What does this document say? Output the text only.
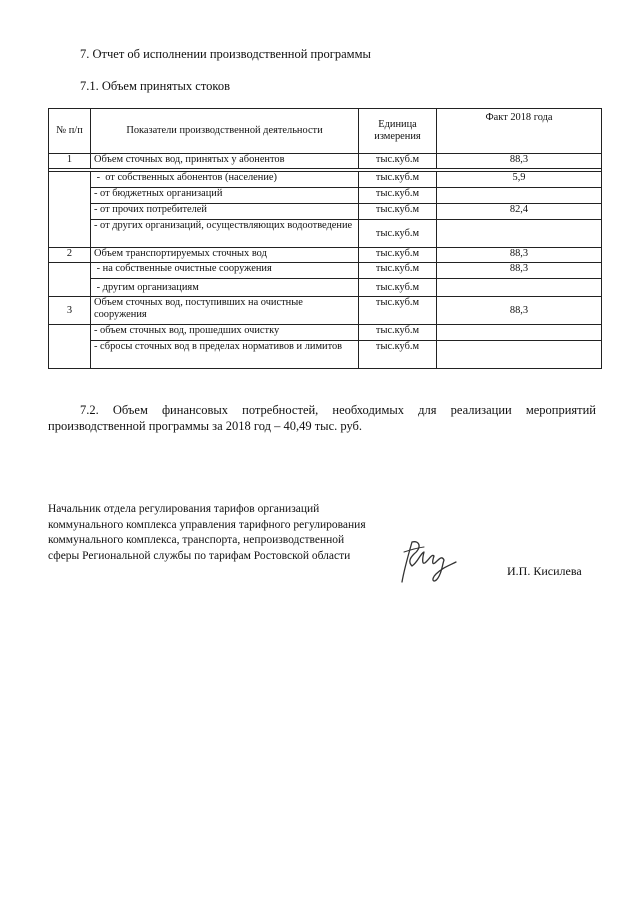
7. Отчет об исполнении производственной программы
7.1. Объем принятых стоков
№ п/п	Показатели производственной деятельности	Единица измерения	Факт 2018 года
1	Объем сточных вод, принятых у абонентов	тыс.куб.м	88,3

	-  от собственных абонентов (население)	тыс.куб.м	5,9
	- от бюджетных организаций	тыс.куб.м	
	- от прочих потребителей	тыс.куб.м	82,4
	- от других организаций, осуществляющих водоотведение	тыс.куб.м	
2	Объем транспортируемых сточных вод	тыс.куб.м	88,3
	- на собственные очистные сооружения	тыс.куб.м	88,3
	- другим организациям	тыс.куб.м	
3	Объем сточных вод, поступивших на очистные сооружения	тыс.куб.м	88,3
	- объем сточных вод, прошедших очистку	тыс.куб.м	
	- сбросы сточных вод в пределах нормативов и лимитов	тыс.куб.м	
7.2. Объем финансовых потребностей, необходимых для реализации мероприятий производственной программы за 2018 год – 40,49 тыс. руб.
Начальник отдела регулирования тарифов организаций коммунального комплекса управления тарифного регулирования коммунального комплекса, транспорта, непроизводственной сферы Региональной службы по тарифам Ростовской области
И.П. Кисилева
